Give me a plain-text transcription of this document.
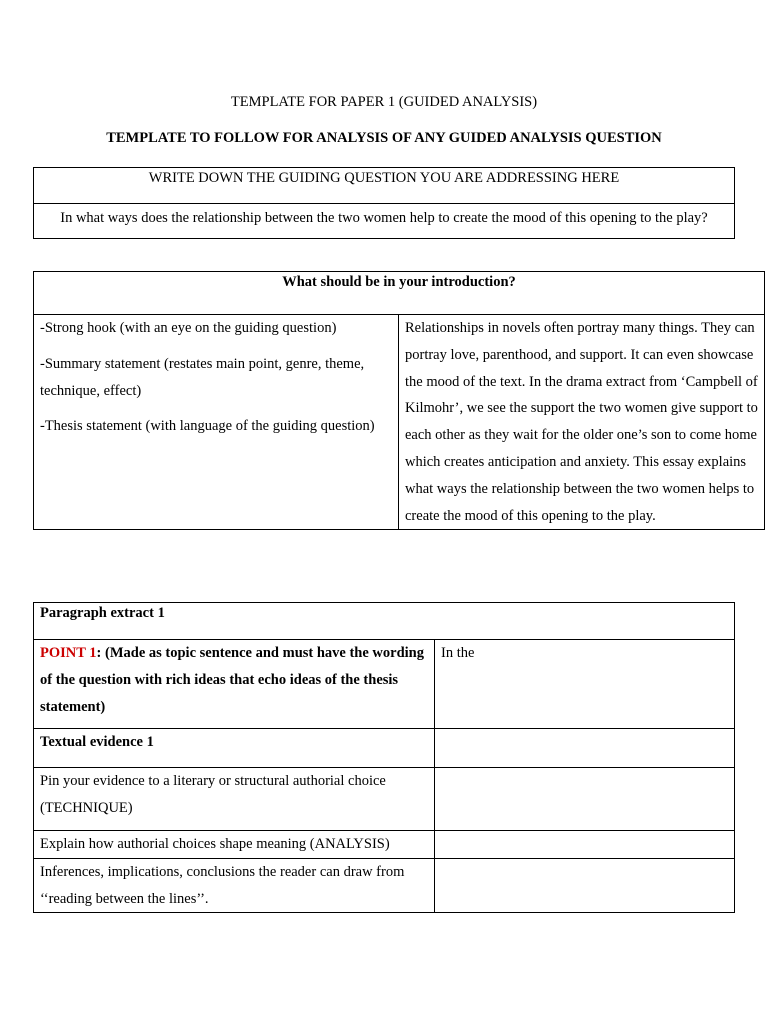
TEMPLATE FOR PAPER 1 (GUIDED ANALYSIS)
TEMPLATE TO FOLLOW FOR ANALYSIS OF ANY GUIDED ANALYSIS QUESTION
WRITE DOWN THE GUIDING QUESTION YOU ARE ADDRESSING HERE
In what ways does the relationship between the two women help to create the mood of this opening to the play?
What should be in your introduction?

-Strong hook (with an eye on the guiding question)

-Summary statement (restates main point, genre, theme, technique, effect)

-Thesis statement (with language of the guiding question)

	Relationships in novels often portray many things. They can portray love, parenthood, and support. It can even showcase the mood of the text. In the drama extract from ‘Campbell of Kilmohr’, we see the support the two women give support to each other as they wait for the older one’s son to come home which creates anticipation and anxiety. This essay explains what ways the relationship between the two women helps to create the mood of this opening to the play.
Paragraph extract 1	
POINT 1: (Made as topic sentence and must have the wording of the question with rich ideas that echo ideas of the thesis statement)	In the
Textual evidence 1	
Pin your evidence to a literary or structural authorial choice (TECHNIQUE)	
Explain how authorial choices shape meaning (ANALYSIS)	
Inferences, implications, conclusions the reader can draw from ‘‘reading between the lines’’.	
